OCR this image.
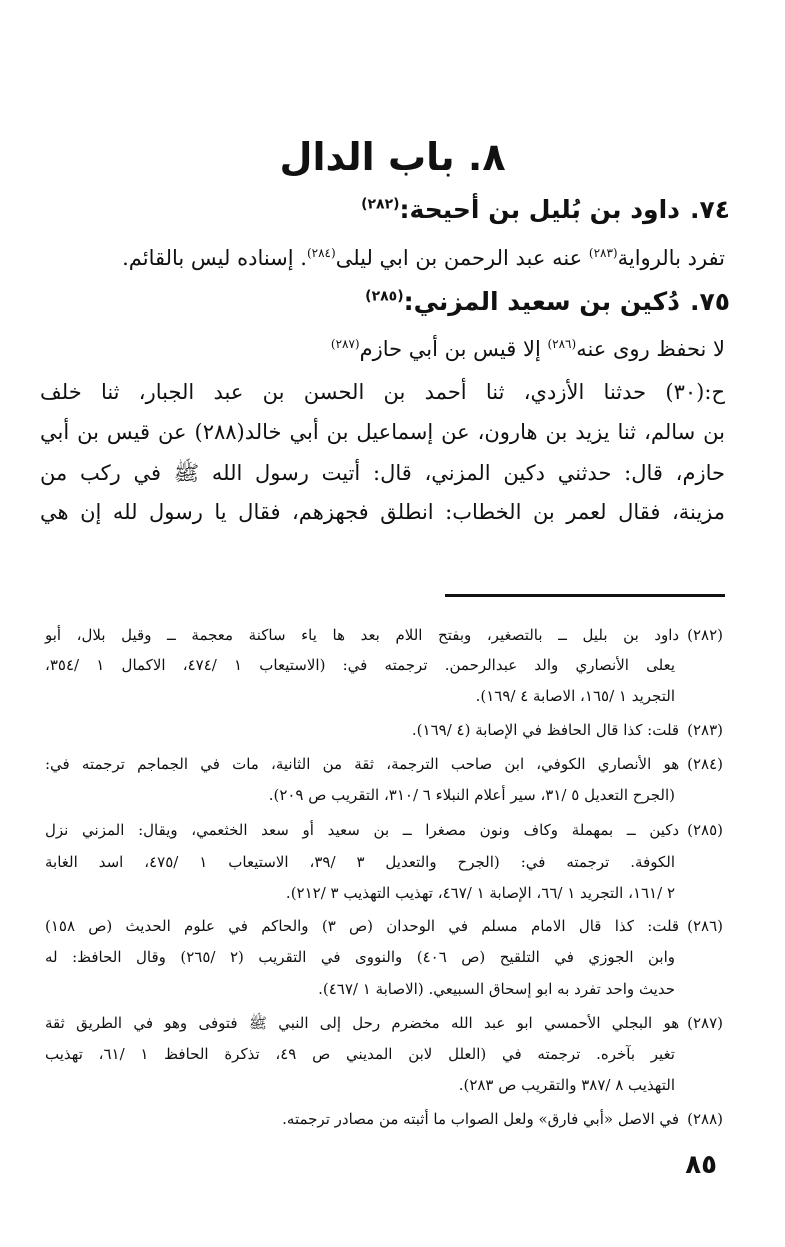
٨. باب الدال
٧٤.داود بن بُليل بن أحيحة:$^{(٢٨٢)}$
تفرد بالرواية$^{(٢٨٣)}$ عنه عبد الرحمن بن ابي ليلى$^{(٢٨٤)}$. إسناده ليس بالقائم.
٧٥.دُكين بن سعيد المزني:$^{(٢٨٥)}$
لا نحفظ روى عنه$^{(٢٨٦)}$ إلا قيس بن أبي حازم$^{(٢٨٧)}$
ح:(٣٠) حدثنا الأزدي، ثنا أحمد بن الحسن بن عبد الجبار، ثنا خلف
بن سالم، ثنا يزيد بن هارون، عن إسماعيل بن أبي خالد(٢٨٨) عن قيس بن أبي
حازم، قال: حدثني دكين المزني، قال: أتيت رسول الله ﷺ في ركب من
مزينة، فقال لعمر بن الخطاب: انطلق فجهزهم، فقال يا رسول لله إن هي
(٢٨٢)داود بن بليل ــ بالتصغير، وبفتح اللام بعد ها ياء ساكنة معجمة ــ وقيل بلال، أبو
يعلى الأنصاري والد عبدالرحمن. ترجمته في: (الاستيعاب ١ /٤٧٤، الاكمال ١ /٣٥٤،
التجريد ١ /١٦٥، الاصابة ٤ /١٦٩).
(٢٨٣)قلت: كذا قال الحافظ في الإصابة (٤ /١٦٩).
(٢٨٤)هو الأنصاري الكوفي، ابن صاحب الترجمة، ثقة من الثانية، مات في الجماجم ترجمته في:
(الجرح التعديل ٥ /٣١، سير أعلام النبلاء ٦ /٣١٠، التقريب ص ٢٠٩).
(٢٨٥)دكين ــ بمهملة وكاف ونون مصغرا ــ بن سعيد أو سعد الخثعمي، ويقال: المزني نزل
الكوفة. ترجمته في: (الجرح والتعديل ٣ /٣٩، الاستيعاب ١ /٤٧٥، اسد الغابة
٢ /١٦١، التجريد ١ /٦٦، الإصابة ١ /٤٦٧، تهذيب التهذيب ٣ /٢١٢).
(٢٨٦)قلت: كذا قال الامام مسلم في الوحدان (ص ٣) والحاكم في علوم الحديث (ص ١٥٨)
وابن الجوزي في التلقيح (ص ٤٠٦) والنووى في التقريب (٢ /٢٦٥) وقال الحافظ: له
حديث واحد تفرد به ابو إسحاق السبيعي. (الاصابة ١ /٤٦٧).
(٢٨٧)هو البجلي الأحمسي ابو عبد الله مخضرم رحل إلى النبي ﷺ فتوفى وهو في الطريق ثقة
تغير بآخره. ترجمته في (العلل لابن المديني ص ٤٩، تذكرة الحافظ ١ /٦١، تهذيب
التهذيب ٨ /٣٨٧ والتقريب ص ٢٨٣).
(٢٨٨)في الاصل «أبي فارق» ولعل الصواب ما أثبته من مصادر ترجمته.
٨٥
